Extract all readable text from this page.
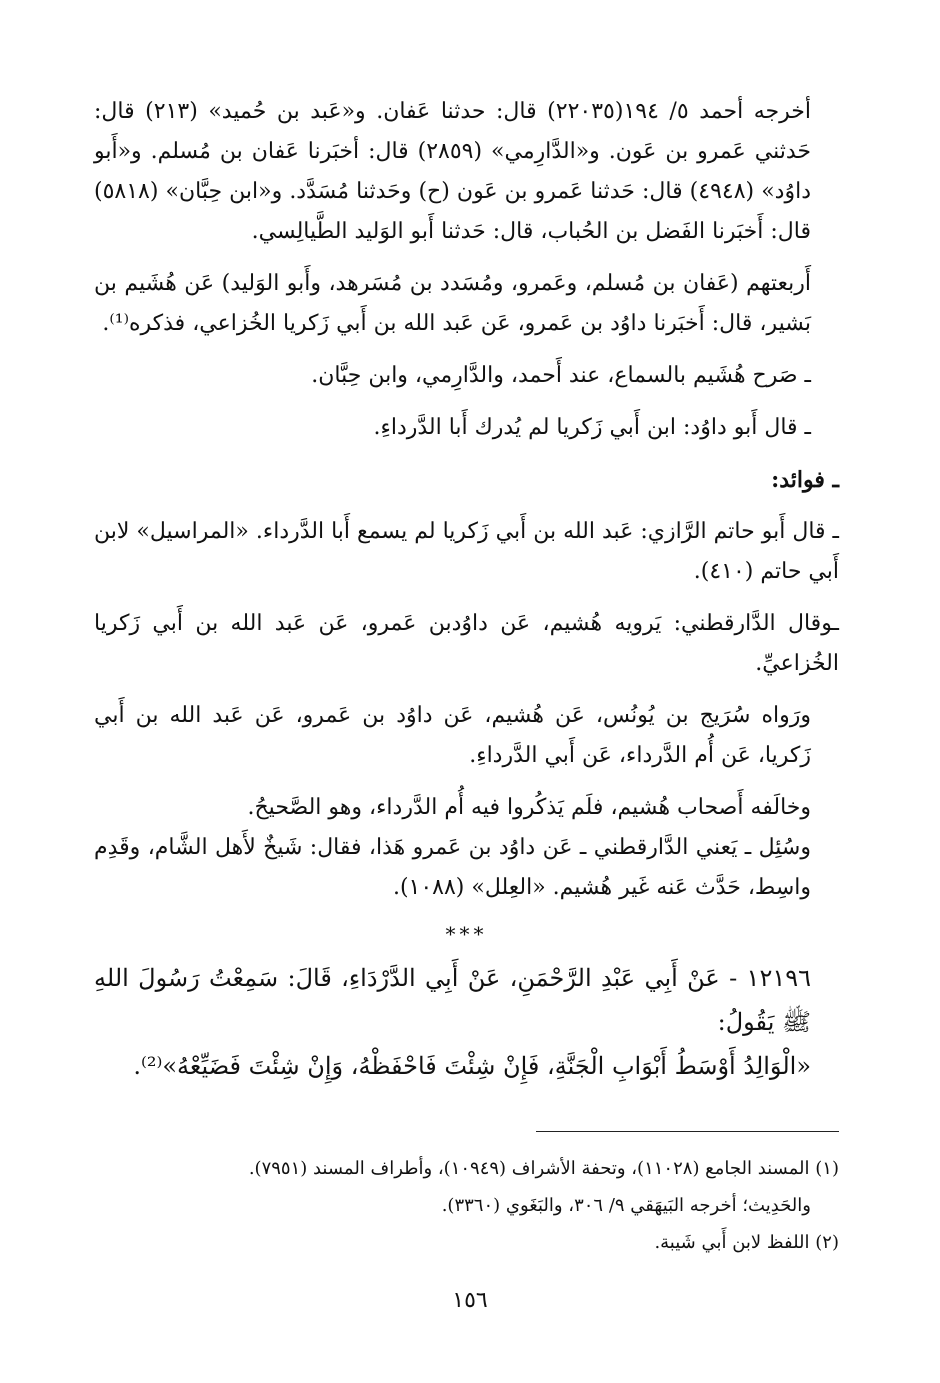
أخرجه أحمد ٥/ ١٩٤(٢٢٠٣٥) قال: حدثنا عَفان. و«عَبد بن حُميد» (٢١٣) قال: حَدثني عَمرو بن عَون. و«الدَّارِمي» (٢٨٥٩) قال: أخبَرنا عَفان بن مُسلم. و«أَبو داوُد» (٤٩٤٨) قال: حَدثنا عَمرو بن عَون (ح) وحَدثنا مُسَدَّد. و«ابن حِبَّان» (٥٨١٨) قال: أَخبَرنا الفَضل بن الحُباب، قال: حَدثنا أَبو الوَليد الطَّيالِسي.

أَربعتهم (عَفان بن مُسلم، وعَمرو، ومُسَدد بن مُسَرهد، وأَبو الوَليد) عَن هُشَيم بن بَشير، قال: أَخبَرنا داوُد بن عَمرو، عَن عَبد الله بن أَبي زَكريا الخُزاعي، فذكره⁽¹⁾.

ـ صَرح هُشَيم بالسماع، عند أَحمد، والدَّارِمي، وابن حِبَّان.

ـ قال أَبو داوُد: ابن أَبي زَكريا لم يُدرك أَبا الدَّرداءِ.

ـ فوائد:

ـ قال أَبو حاتم الرَّازي: عَبد الله بن أَبي زَكريا لم يسمع أَبا الدَّرداء. «المراسيل» لابن أَبي حاتم (٤١٠).

ـوقال الدَّارقطني: يَرويه هُشيم، عَن داوُدبن عَمرو، عَن عَبد الله بن أَبي زَكريا الخُزاعيِّ.

ورَواه سُرَيج بن يُونُس، عَن هُشيم، عَن داوُد بن عَمرو، عَن عَبد الله بن أَبي زَكريا، عَن أُم الدَّرداء، عَن أَبي الدَّرداءِ.

وخالَفه أَصحاب هُشيم، فلَم يَذكُروا فيه أُم الدَّرداء، وهو الصَّحيحُ.

وسُئِل ـ يَعني الدَّارقطني ـ عَن داوُد بن عَمرو هَذا، فقال: شَيخٌ لأَهل الشَّام، وقَدِم واسِط، حَدَّث عَنه غَير هُشيم. «العِلل» (١٠٨٨).

***

١٢١٩٦ - عَنْ أَبِي عَبْدِ الرَّحْمَنِ، عَنْ أَبِي الدَّرْدَاءِ، قَالَ: سَمِعْتُ رَسُولَ اللهِ ﷺ يَقُولُ:

«الْوَالِدُ أَوْسَطُ أَبْوَابِ الْجَنَّةِ، فَإِنْ شِئْتَ فَاحْفَظْهُ، وَإِنْ شِئْتَ فَضَيِّعْهُ»⁽²⁾.

(١) المسند الجامع (١١٠٢٨)، وتحفة الأشراف (١٠٩٤٩)، وأطراف المسند (٧٩٥١).

والحَدِيث؛ أخرجه البَيهَقي ٩/ ٣٠٦، والبَغَوي (٣٣٦٠).

(٢) اللفظ لابن أَبي شَيبة.

١٥٦
